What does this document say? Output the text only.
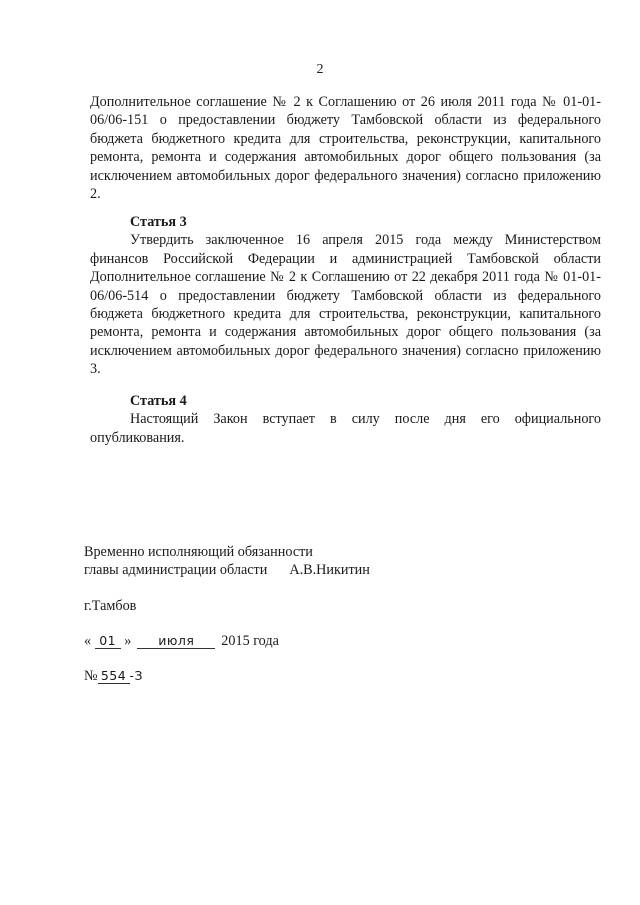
2

Дополнительное соглашение № 2 к Соглашению от 26 июля 2011 года № 01-01-06/06-151 о предоставлении бюджету Тамбовской области из федерального бюджета бюджетного кредита для строительства, реконструкции, капитального ремонта, ремонта и содержания автомобильных дорог общего пользования (за исключением автомобильных дорог федерального значения) согласно приложению 2.

Статья 3

Утвердить заключенное 16 апреля 2015 года между Министерством финансов Российской Федерации и администрацией Тамбовской области Дополнительное соглашение № 2 к Соглашению от 22 декабря 2011 года № 01-01-06/06-514 о предоставлении бюджету Тамбовской области из федерального бюджета бюджетного кредита для строительства, реконструкции, капитального ремонта, ремонта и содержания автомобильных дорог общего пользования (за исключением автомобильных дорог федерального значения) согласно приложению 3.

Статья 4

Настоящий Закон вступает в силу после дня его официального опубликования.

Временно исполняющий обязанности
главы администрации области А.В.Никитин
г.Тамбов
« 01 » июля 2015 года
№ 554 -З
